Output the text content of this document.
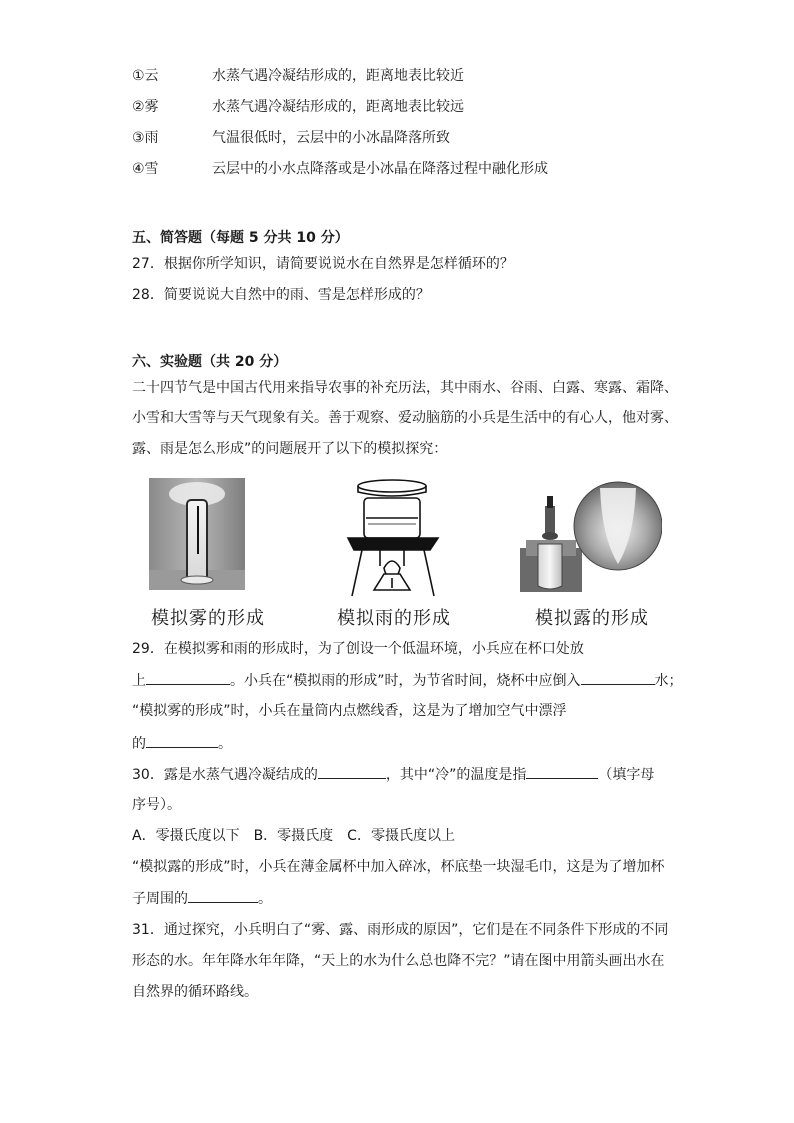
①云	水蒸气遇冷凝结形成的，距离地表比较近
②雾	水蒸气遇冷凝结形成的，距离地表比较远
③雨	气温很低时，云层中的小冰晶降落所致
④雪	云层中的小水点降落或是小冰晶在降落过程中融化形成
五、简答题（每题 5 分共 10 分）
27．根据你所学知识，请简要说说水在自然界是怎样循环的？
28．简要说说大自然中的雨、雪是怎样形成的？
六、实验题（共 20 分）
二十四节气是中国古代用来指导农事的补充历法，其中雨水、谷雨、白露、寒露、霜降、
小雪和大雪等与天气现象有关。善于观察、爱动脑筋的小兵是生活中的有心人，他对雾、
露、雨是怎么形成”的问题展开了以下的模拟探究：
模拟雾的形成	模拟雨的形成	模拟露的形成
29．在模拟雾和雨的形成时，为了创设一个低温环境，小兵应在杯口处放
上	。小兵在“模拟雨的形成”时，为节省时间，烧杯中应倒入	水；
“模拟雾的形成”时，小兵在量筒内点燃线香，这是为了增加空气中漂浮
的	。
30．露是水蒸气遇冷凝结成的	，其中“冷”的温度是指	（填字母
序号）。
A．零摄氏度以下　B．零摄氏度　C．零摄氏度以上
“模拟露的形成”时，小兵在薄金属杯中加入碎冰，杯底垫一块湿毛巾，这是为了增加杯
子周围的	。
31．通过探究，小兵明白了“雾、露、雨形成的原因”，它们是在不同条件下形成的不同
形态的水。年年降水年年降，“天上的水为什么总也降不完？”请在图中用箭头画出水在
自然界的循环路线。
